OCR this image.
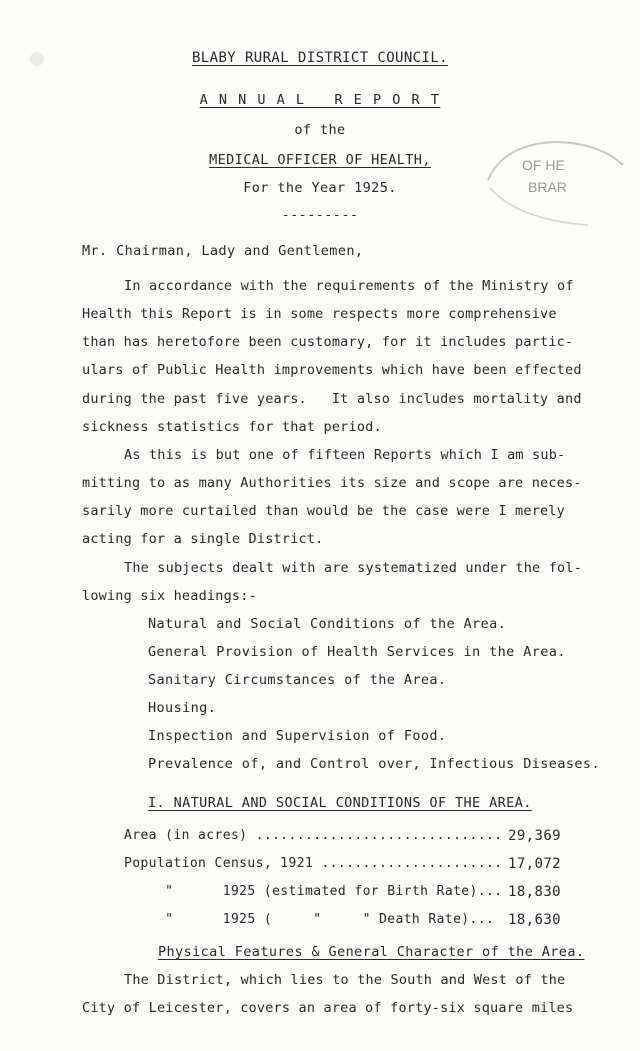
BLABY RURAL DISTRICT COUNCIL.
A N N U A L   R E P O R T
of the
MEDICAL OFFICER OF HEALTH,
For the Year 1925.
---------
OF HE
BRAR
Mr. Chairman, Lady and Gentlemen,
In accordance with the requirements of the Ministry of
Health this Report is in some respects more comprehensive
than has heretofore been customary, for it includes partic-
ulars of Public Health improvements which have been effected
during the past five years.   It also includes mortality and
sickness statistics for that period.
As this is but one of fifteen Reports which I am sub-
mitting to as many Authorities its size and scope are neces-
sarily more curtailed than would be the case were I merely
acting for a single District.
The subjects dealt with are systematized under the fol-
lowing six headings:-
Natural and Social Conditions of the Area.
General Provision of Health Services in the Area.
Sanitary Circumstances of the Area.
Housing.
Inspection and Supervision of Food.
Prevalence of, and Control over, Infectious Diseases.
I. NATURAL AND SOCIAL CONDITIONS OF THE AREA.
Area (in acres) .............................. 29,369
Population Census, 1921 ...................... 17,072
"      1925 (estimated for Birth Rate)... 18,830
"      1925 (     "     " Death Rate)... 18,630
Physical Features & General Character of the Area.
The District, which lies to the South and West of the
City of Leicester, covers an area of forty-six square miles
